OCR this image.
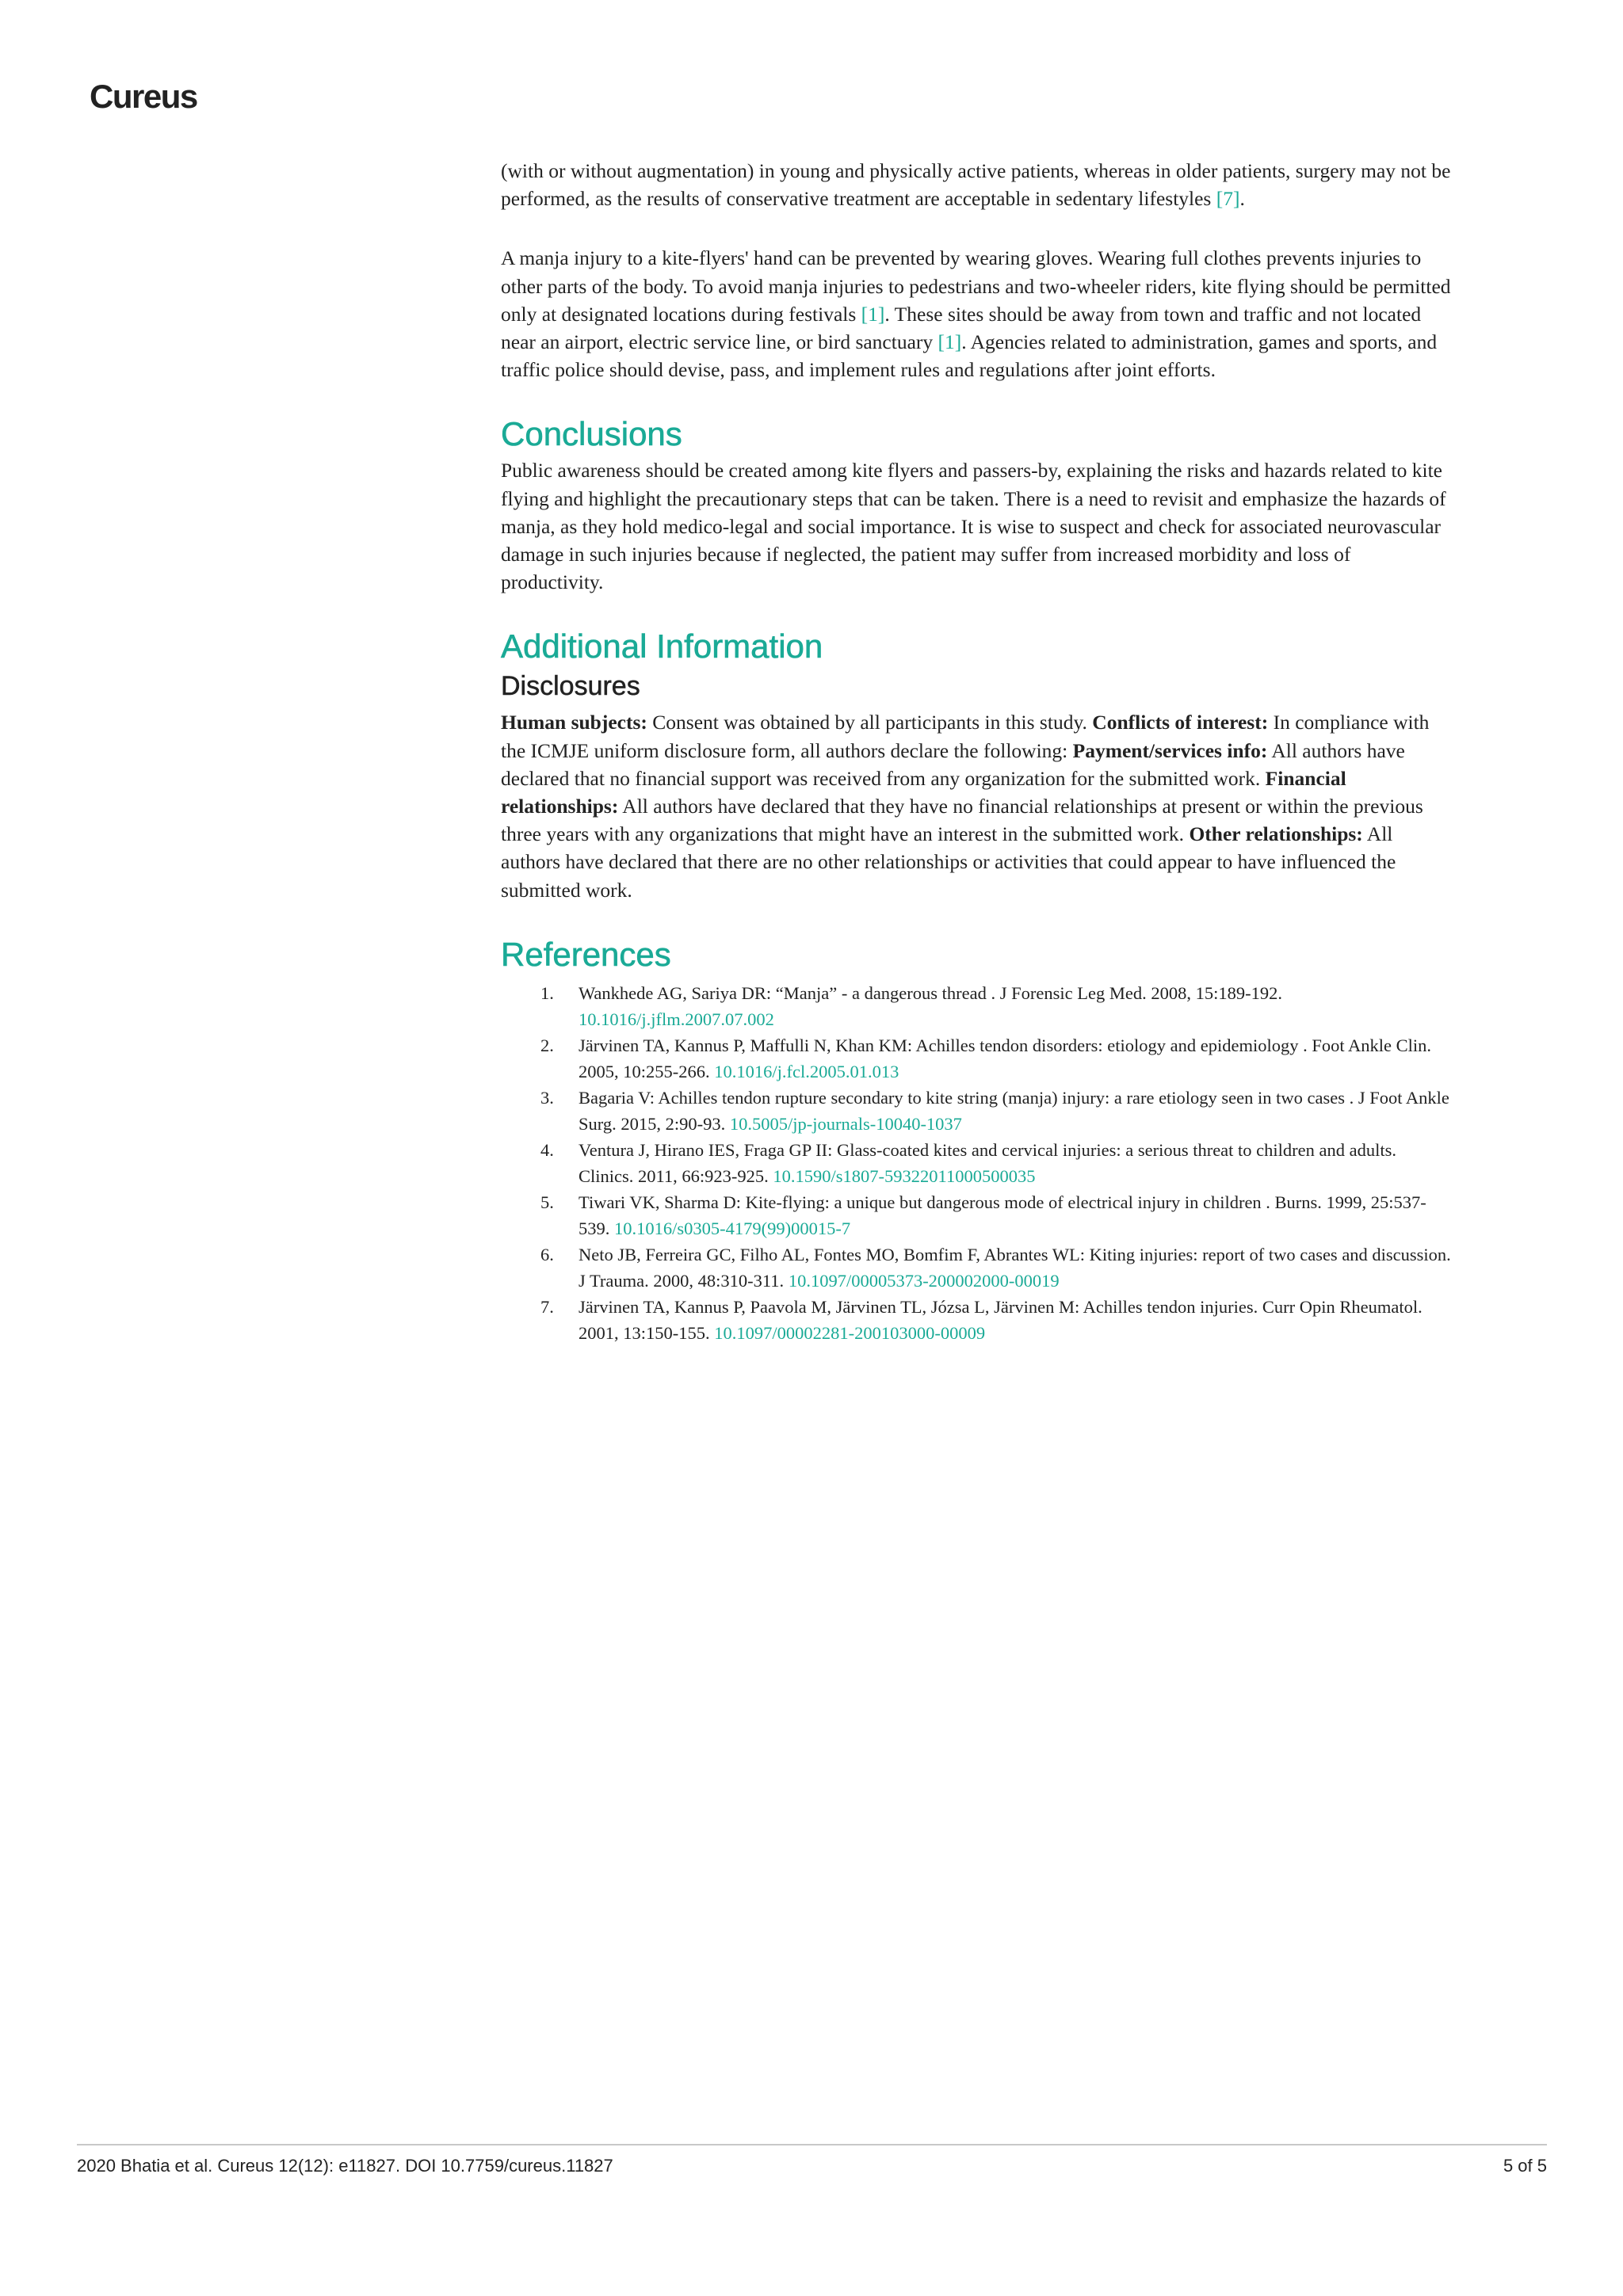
Cureus

(with or without augmentation) in young and physically active patients, whereas in older patients, surgery may not be performed, as the results of conservative treatment are acceptable in sedentary lifestyles [7].

A manja injury to a kite-flyers' hand can be prevented by wearing gloves. Wearing full clothes prevents injuries to other parts of the body. To avoid manja injuries to pedestrians and two-wheeler riders, kite flying should be permitted only at designated locations during festivals [1]. These sites should be away from town and traffic and not located near an airport, electric service line, or bird sanctuary [1]. Agencies related to administration, games and sports, and traffic police should devise, pass, and implement rules and regulations after joint efforts.

Conclusions

Public awareness should be created among kite flyers and passers-by, explaining the risks and hazards related to kite flying and highlight the precautionary steps that can be taken. There is a need to revisit and emphasize the hazards of manja, as they hold medico-legal and social importance. It is wise to suspect and check for associated neurovascular damage in such injuries because if neglected, the patient may suffer from increased morbidity and loss of productivity.

Additional Information
Disclosures

Human subjects: Consent was obtained by all participants in this study. Conflicts of interest: In compliance with the ICMJE uniform disclosure form, all authors declare the following: Payment/services info: All authors have declared that no financial support was received from any organization for the submitted work. Financial relationships: All authors have declared that they have no financial relationships at present or within the previous three years with any organizations that might have an interest in the submitted work. Other relationships: All authors have declared that there are no other relationships or activities that could appear to have influenced the submitted work.

References
1. Wankhede AG, Sariya DR: “Manja” - a dangerous thread . J Forensic Leg Med. 2008, 15:189-192. 10.1016/j.jflm.2007.07.002
2. Järvinen TA, Kannus P, Maffulli N, Khan KM: Achilles tendon disorders: etiology and epidemiology . Foot Ankle Clin. 2005, 10:255-266. 10.1016/j.fcl.2005.01.013
3. Bagaria V: Achilles tendon rupture secondary to kite string (manja) injury: a rare etiology seen in two cases . J Foot Ankle Surg. 2015, 2:90-93. 10.5005/jp-journals-10040-1037
4. Ventura J, Hirano IES, Fraga GP II: Glass-coated kites and cervical injuries: a serious threat to children and adults. Clinics. 2011, 66:923-925. 10.1590/s1807-59322011000500035
5. Tiwari VK, Sharma D: Kite-flying: a unique but dangerous mode of electrical injury in children . Burns. 1999, 25:537-539. 10.1016/s0305-4179(99)00015-7
6. Neto JB, Ferreira GC, Filho AL, Fontes MO, Bomfim F, Abrantes WL: Kiting injuries: report of two cases and discussion. J Trauma. 2000, 48:310-311. 10.1097/00005373-200002000-00019
7. Järvinen TA, Kannus P, Paavola M, Järvinen TL, Józsa L, Järvinen M: Achilles tendon injuries. Curr Opin Rheumatol. 2001, 13:150-155. 10.1097/00002281-200103000-00009
2020 Bhatia et al. Cureus 12(12): e11827. DOI 10.7759/cureus.11827	5 of 5
